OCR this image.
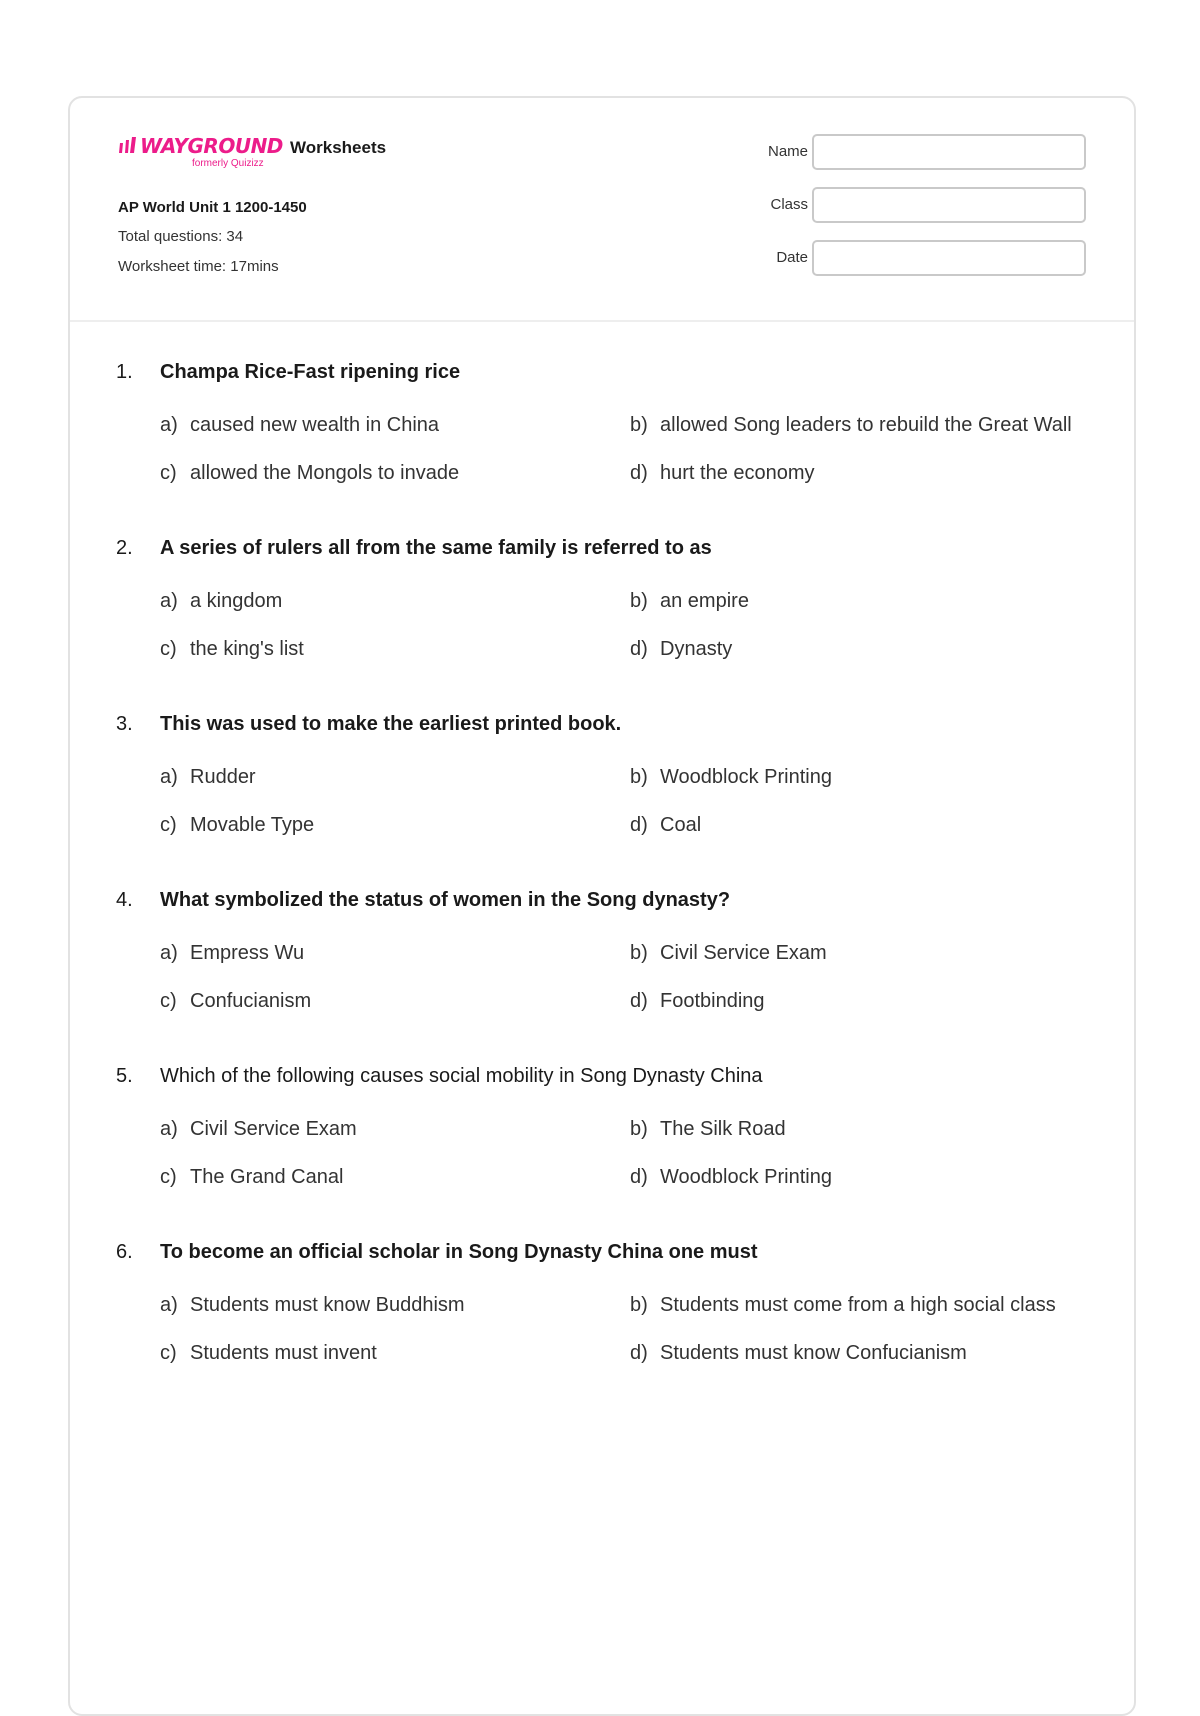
WAYGROUND
formerly Quizizz
Worksheets
AP World Unit 1 1200-1450
Total questions: 34
Worksheet time: 17mins
Name
Class
Date
1.	Champa Rice-Fast ripening rice
a) caused new wealth in China	b) allowed Song leaders to rebuild the Great Wall
c) allowed the Mongols to invade	d) hurt the economy
2.	A series of rulers all from the same family is referred to as
a) a kingdom	b) an empire
c) the king's list	d) Dynasty
3.	This was used to make the earliest printed book.
a) Rudder	b) Woodblock Printing
c) Movable Type	d) Coal
4.	What symbolized the status of women in the Song dynasty?
a) Empress Wu	b) Civil Service Exam
c) Confucianism	d) Footbinding
5.	Which of the following causes social mobility in Song Dynasty China
a) Civil Service Exam	b) The Silk Road
c) The Grand Canal	d) Woodblock Printing
6.	To become an official scholar in Song Dynasty China one must
a) Students must know Buddhism	b) Students must come from a high social class
c) Students must invent	d) Students must know Confucianism
